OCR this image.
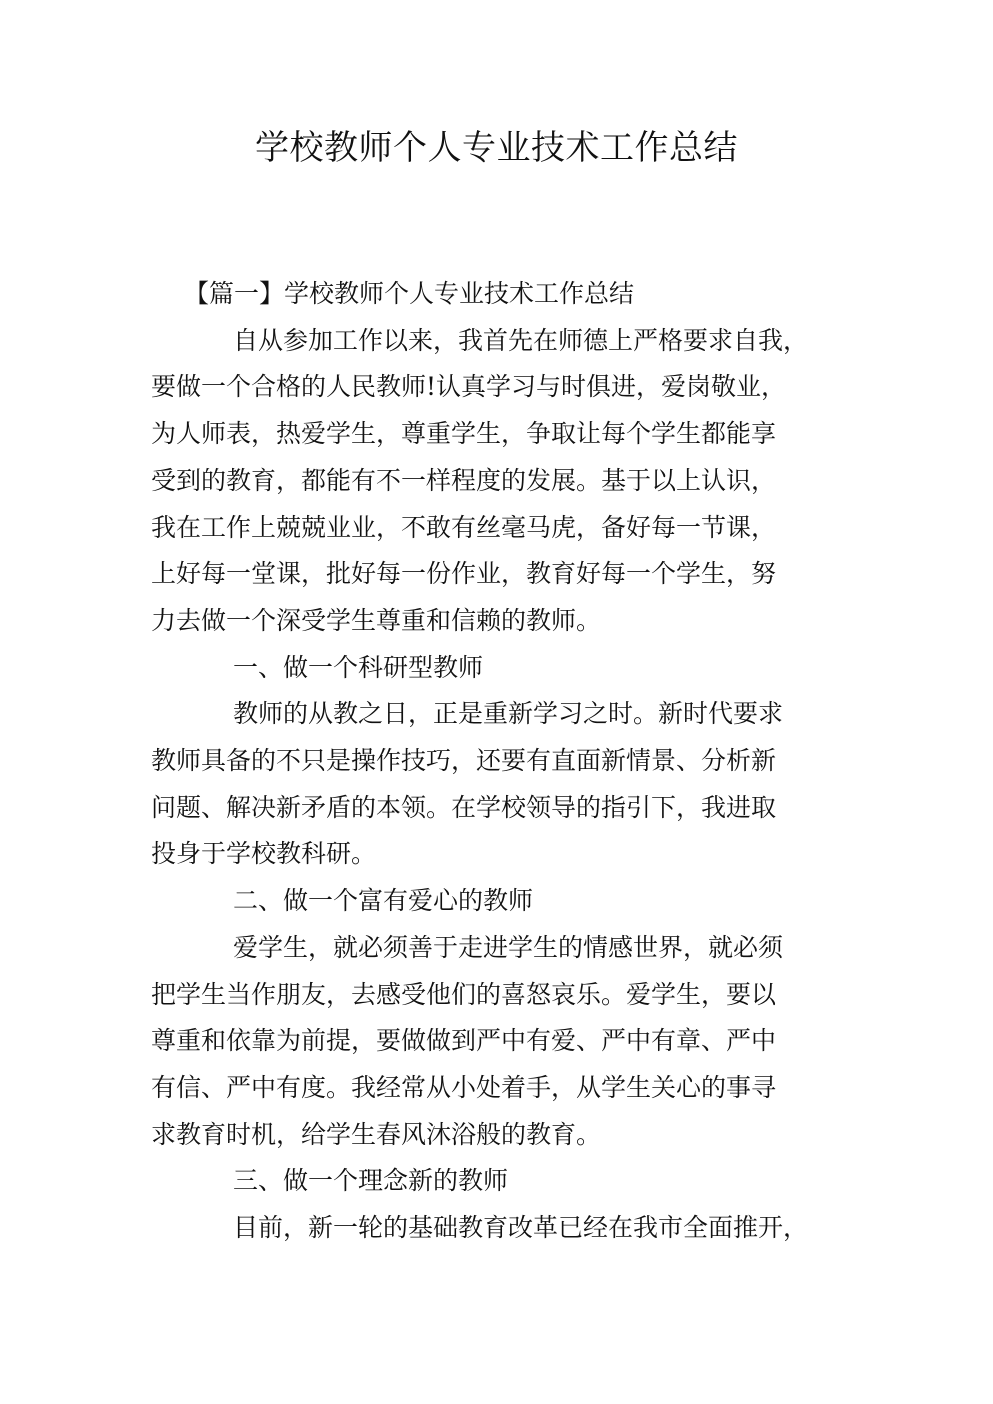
学校教师个人专业技术工作总结

【篇一】学校教师个人专业技术工作总结

自从参加工作以来，我首先在师德上严格要求自我，
要做一个合格的人民教师!认真学习与时俱进，爱岗敬业，
为人师表，热爱学生，尊重学生，争取让每个学生都能享
受到的教育，都能有不一样程度的发展。基于以上认识，
我在工作上兢兢业业，不敢有丝毫马虎，备好每一节课，
上好每一堂课，批好每一份作业，教育好每一个学生，努
力去做一个深受学生尊重和信赖的教师。

一、做一个科研型教师

教师的从教之日，正是重新学习之时。新时代要求
教师具备的不只是操作技巧，还要有直面新情景、分析新
问题、解决新矛盾的本领。在学校领导的指引下，我进取
投身于学校教科研。

二、做一个富有爱心的教师

爱学生，就必须善于走进学生的情感世界，就必须
把学生当作朋友，去感受他们的喜怒哀乐。爱学生，要以
尊重和依靠为前提，要做做到严中有爱、严中有章、严中
有信、严中有度。我经常从小处着手，从学生关心的事寻
求教育时机，给学生春风沐浴般的教育。

三、做一个理念新的教师

目前，新一轮的基础教育改革已经在我市全面推开，
